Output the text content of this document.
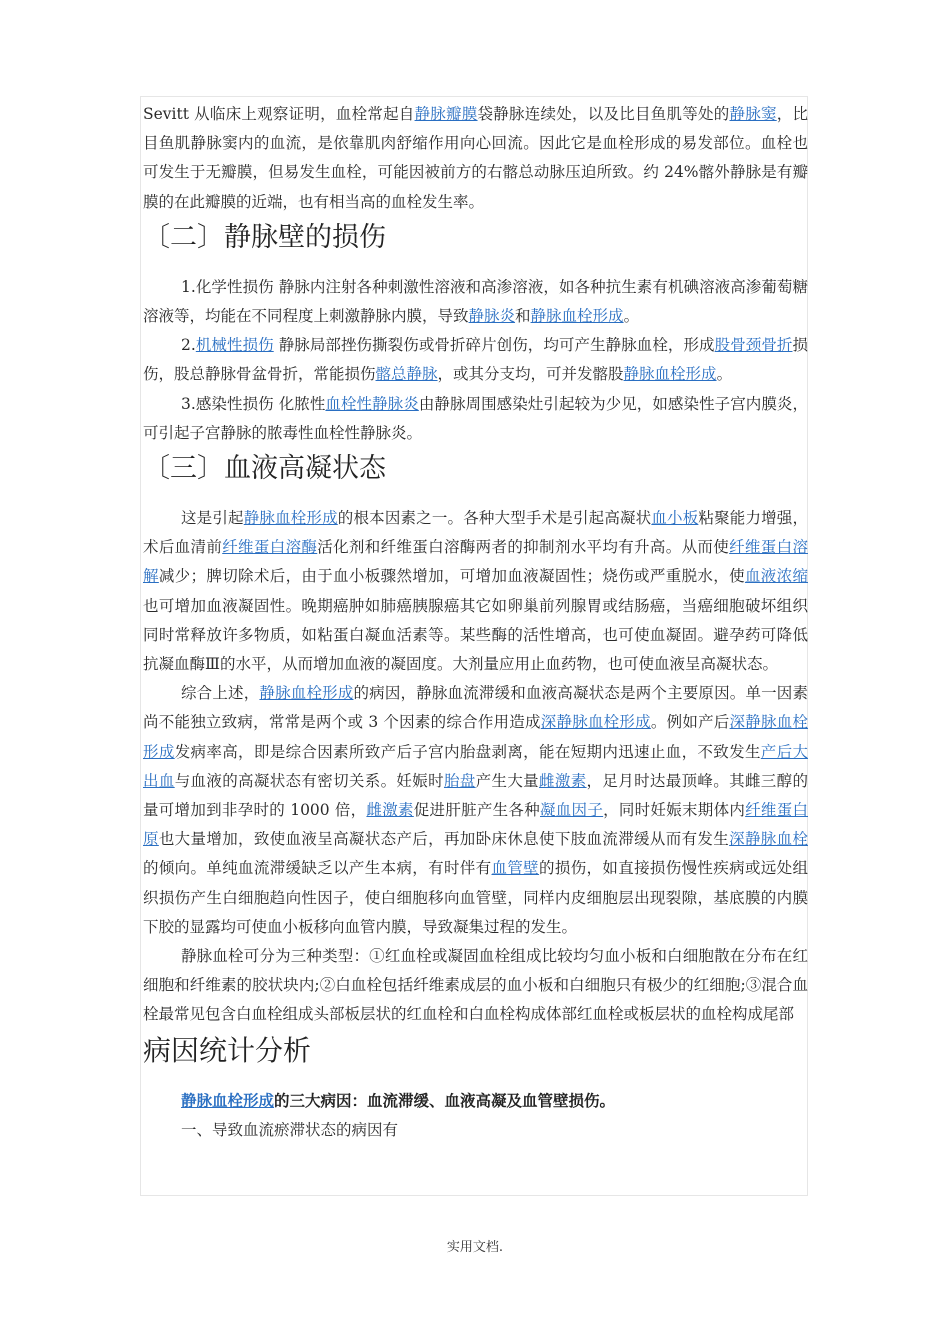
Sevitt 从临床上观察证明，血栓常起自静脉瓣膜袋静脉连续处，以及比目鱼肌等处的静脉窦，比目鱼肌静脉窦内的血流，是依靠肌肉舒缩作用向心回流。因此它是血栓形成的易发部位。血栓也可发生于无瓣膜，但易发生血栓，可能因被前方的右髂总动脉压迫所致。约 24%髂外静脉是有瓣膜的在此瓣膜的近端，也有相当高的血栓发生率。

〔二〕静脉壁的损伤

1.化学性损伤 静脉内注射各种刺激性溶液和高渗溶液，如各种抗生素有机碘溶液高渗葡萄糖溶液等，均能在不同程度上刺激静脉内膜，导致静脉炎和静脉血栓形成。

2.机械性损伤 静脉局部挫伤撕裂伤或骨折碎片创伤，均可产生静脉血栓，形成股骨颈骨折损伤，股总静脉骨盆骨折，常能损伤髂总静脉，或其分支均，可并发髂股静脉血栓形成。

3.感染性损伤 化脓性血栓性静脉炎由静脉周围感染灶引起较为少见，如感染性子宫内膜炎，可引起子宫静脉的脓毒性血栓性静脉炎。

〔三〕血液高凝状态

这是引起静脉血栓形成的根本因素之一。各种大型手术是引起高凝状血小板粘聚能力增强，术后血清前纤维蛋白溶酶活化剂和纤维蛋白溶酶两者的抑制剂水平均有升高。从而使纤维蛋白溶解减少；脾切除术后，由于血小板骤然增加，可增加血液凝固性；烧伤或严重脱水，使血液浓缩也可增加血液凝固性。晚期癌肿如肺癌胰腺癌其它如卵巢前列腺胃或结肠癌，当癌细胞破坏组织同时常释放许多物质，如粘蛋白凝血活素等。某些酶的活性增高，也可使血凝固。避孕药可降低抗凝血酶Ⅲ的水平，从而增加血液的凝固度。大剂量应用止血药物，也可使血液呈高凝状态。

综合上述，静脉血栓形成的病因，静脉血流滞缓和血液高凝状态是两个主要原因。单一因素尚不能独立致病，常常是两个或 3 个因素的综合作用造成深静脉血栓形成。例如产后深静脉血栓形成发病率高，即是综合因素所致产后子宫内胎盘剥离，能在短期内迅速止血，不致发生产后大出血与血液的高凝状态有密切关系。妊娠时胎盘产生大量雌激素，足月时达最顶峰。其雌三醇的量可增加到非孕时的 1000 倍，雌激素促进肝脏产生各种凝血因子，同时妊娠末期体内纤维蛋白原也大量增加，致使血液呈高凝状态产后，再加卧床休息使下肢血流滞缓从而有发生深静脉血栓的倾向。单纯血流滞缓缺乏以产生本病，有时伴有血管壁的损伤，如直接损伤慢性疾病或远处组织损伤产生白细胞趋向性因子，使白细胞移向血管壁，同样内皮细胞层出现裂隙，基底膜的内膜下胶的显露均可使血小板移向血管内膜，导致凝集过程的发生。

静脉血栓可分为三种类型：①红血栓或凝固血栓组成比较均匀血小板和白细胞散在分布在红细胞和纤维素的胶状块内;②白血栓包括纤维素成层的血小板和白细胞只有极少的红细胞;③混合血栓最常见包含白血栓组成头部板层状的红血栓和白血栓构成体部红血栓或板层状的血栓构成尾部

病因统计分析

静脉血栓形成的三大病因：血流滞缓、血液高凝及血管壁损伤。

一、导致血流瘀滞状态的病因有

实用文档.
